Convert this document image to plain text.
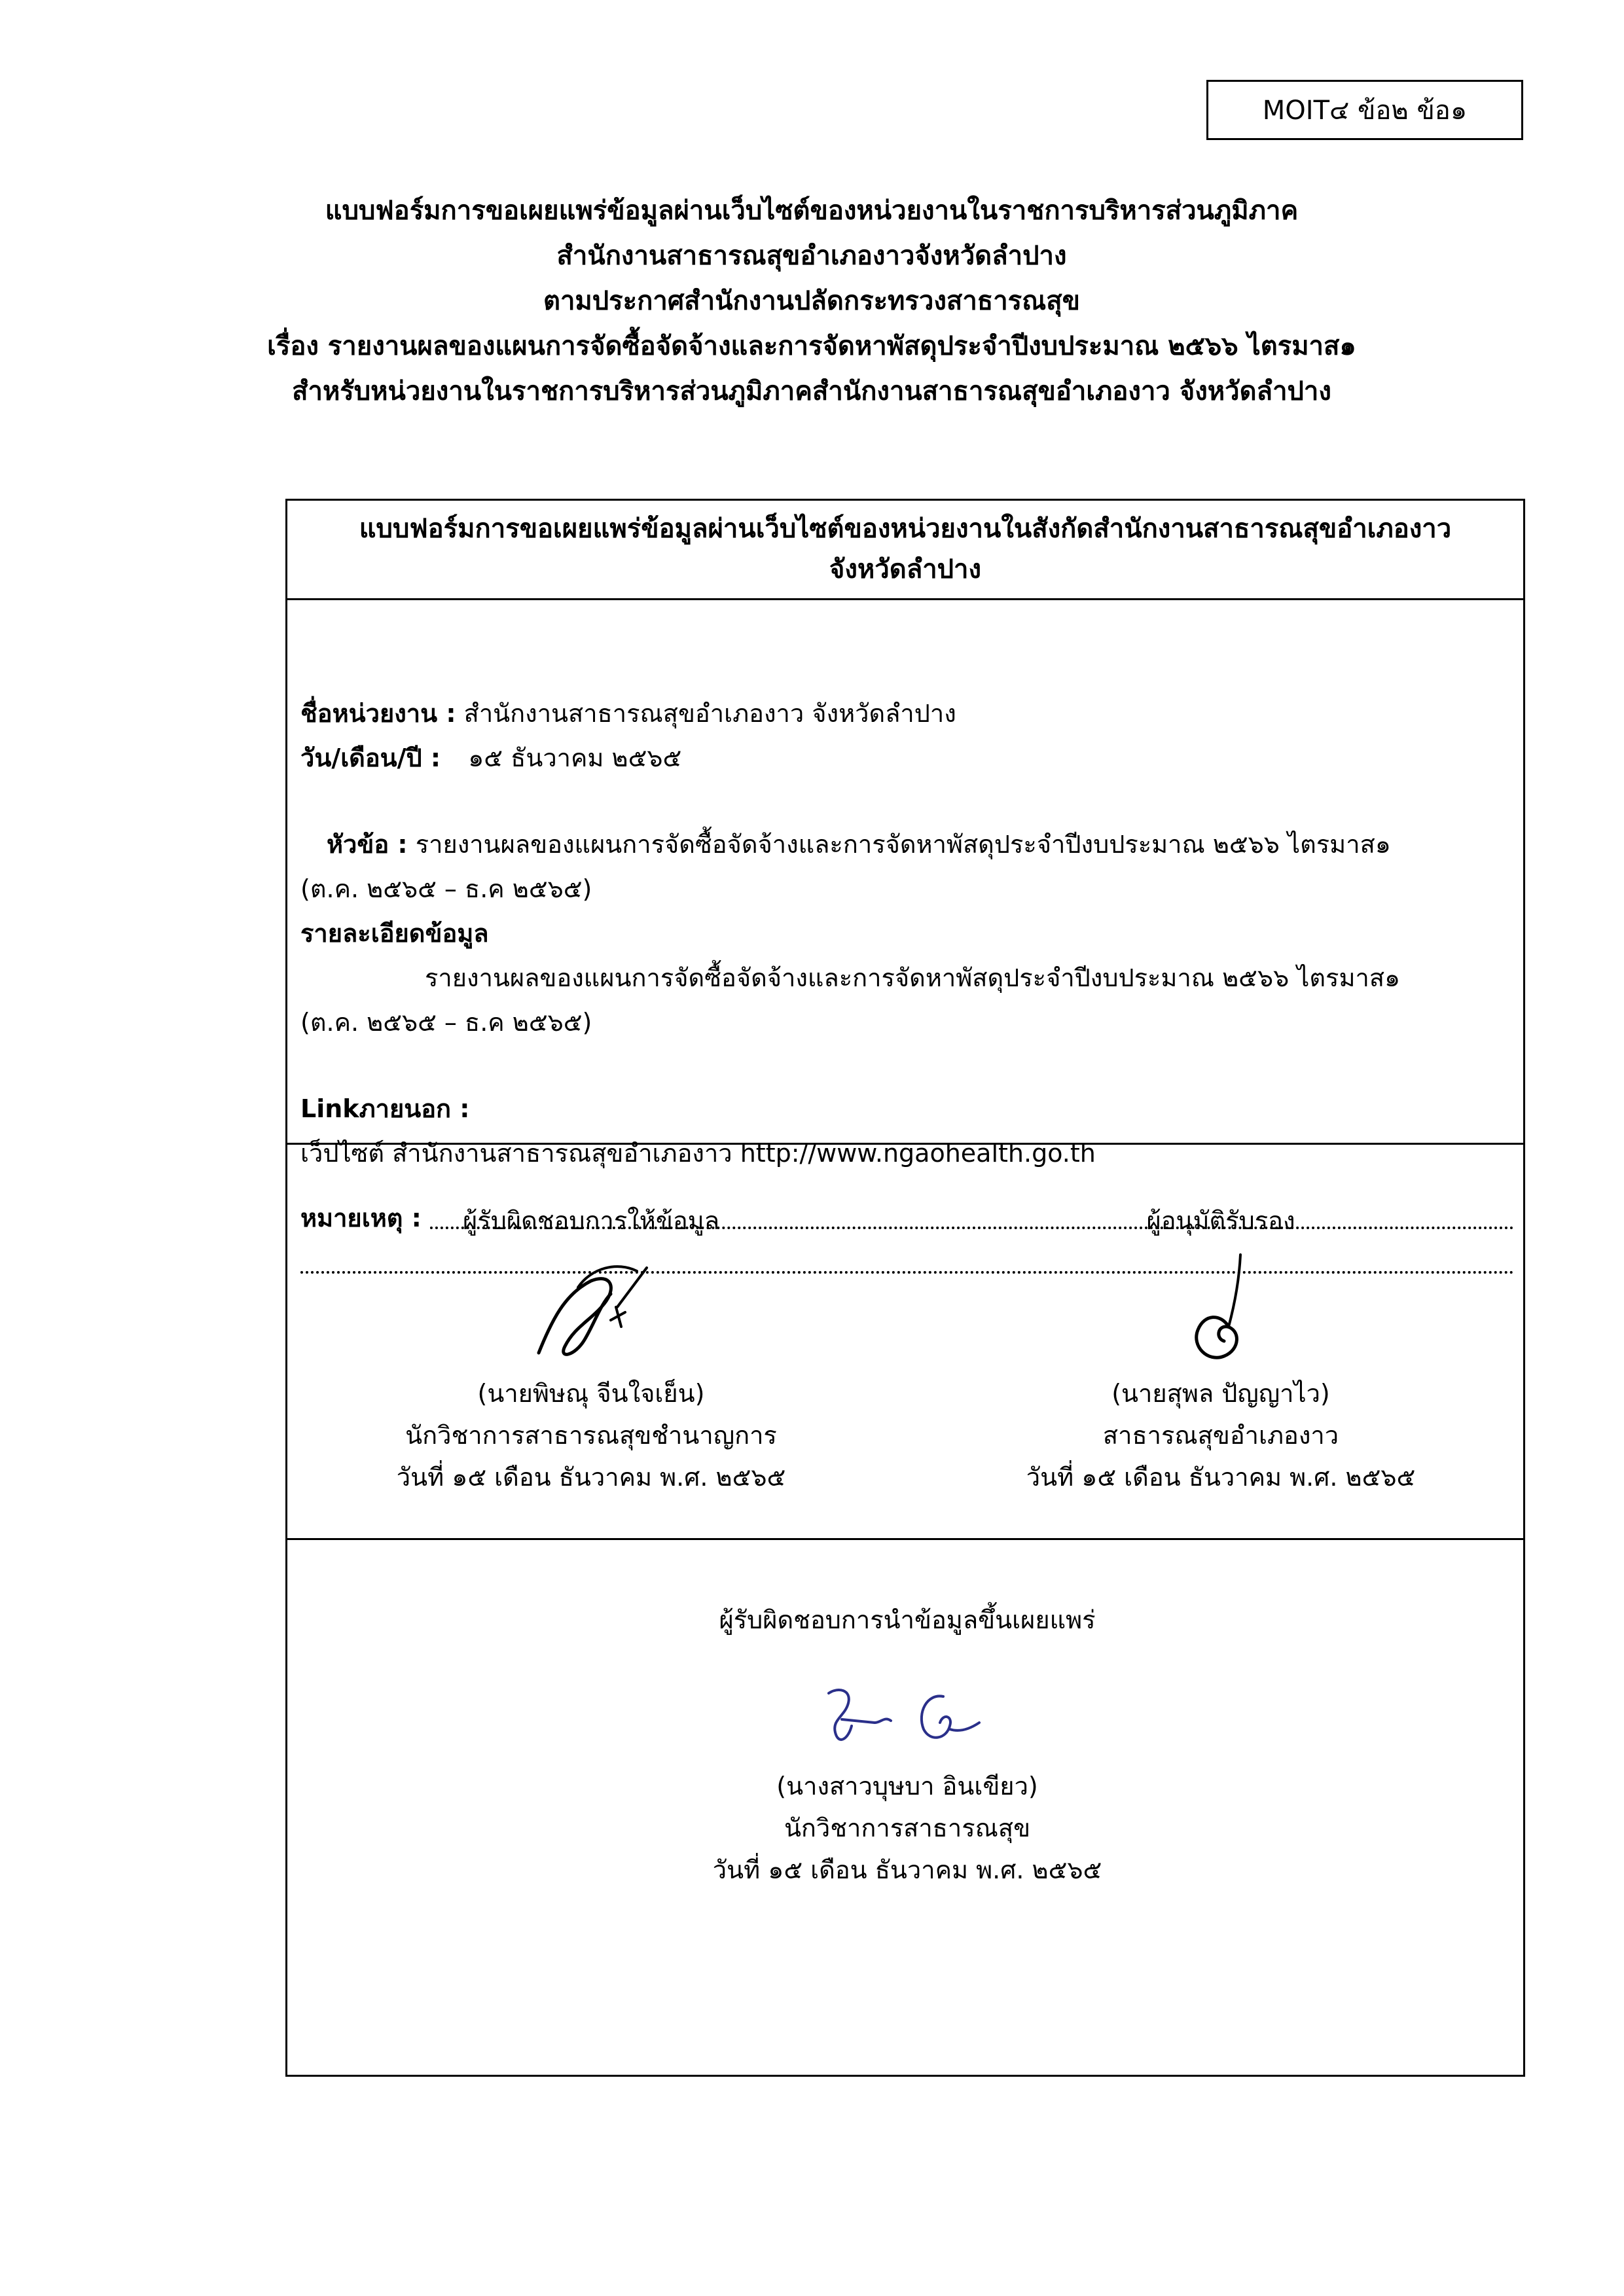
MOIT๔ ข้อ๒ ข้อ๑
แบบฟอร์มการขอเผยแพร่ข้อมูลผ่านเว็บไซต์ของหน่วยงานในราชการบริหารส่วนภูมิภาค
สำนักงานสาธารณสุขอำเภองาวจังหวัดลำปาง
ตามประกาศสำนักงานปลัดกระทรวงสาธารณสุข
เรื่อง รายงานผลของแผนการจัดซื้อจัดจ้างและการจัดหาพัสดุประจำปีงบประมาณ ๒๕๖๖ ไตรมาส๑
สำหรับหน่วยงานในราชการบริหารส่วนภูมิภาคสำนักงานสาธารณสุขอำเภองาว จังหวัดลำปาง
แบบฟอร์มการขอเผยแพร่ข้อมูลผ่านเว็บไซต์ของหน่วยงานในสังกัดสำนักงานสาธารณสุขอำเภองาว
จังหวัดลำปาง
ชื่อหน่วยงาน : สำนักงานสาธารณสุขอำเภองาว จังหวัดลำปาง
วัน/เดือน/ปี : ๑๕ ธันวาคม ๒๕๖๕
หัวข้อ : รายงานผลของแผนการจัดซื้อจัดจ้างและการจัดหาพัสดุประจำปีงบประมาณ ๒๕๖๖ ไตรมาส๑
(ต.ค. ๒๕๖๕ – ธ.ค ๒๕๖๕)
รายละเอียดข้อมูล
รายงานผลของแผนการจัดซื้อจัดจ้างและการจัดหาพัสดุประจำปีงบประมาณ ๒๕๖๖ ไตรมาส๑
(ต.ค. ๒๕๖๕ – ธ.ค ๒๕๖๕)
Linkภายนอก :
เว็ปไซต์ สำนักงานสาธารณสุขอำเภองาว http://www.ngaohealth.go.th
ผู้รับผิดชอบการให้ข้อมูล
(นายพิษณุ จีนใจเย็น)
นักวิชาการสาธารณสุขชำนาญการ
วันที่ ๑๕ เดือน ธันวาคม พ.ศ. ๒๕๖๕
ผู้อนุมัติรับรอง
(นายสุพล ปัญญาไว)
สาธารณสุขอำเภองาว
วันที่ ๑๕ เดือน ธันวาคม พ.ศ. ๒๕๖๕
ผู้รับผิดชอบการนำข้อมูลขึ้นเผยแพร่
(นางสาวบุษบา อินเขียว)
นักวิชาการสาธารณสุข
วันที่ ๑๕ เดือน ธันวาคม พ.ศ. ๒๕๖๕
หมายเหตุ :
